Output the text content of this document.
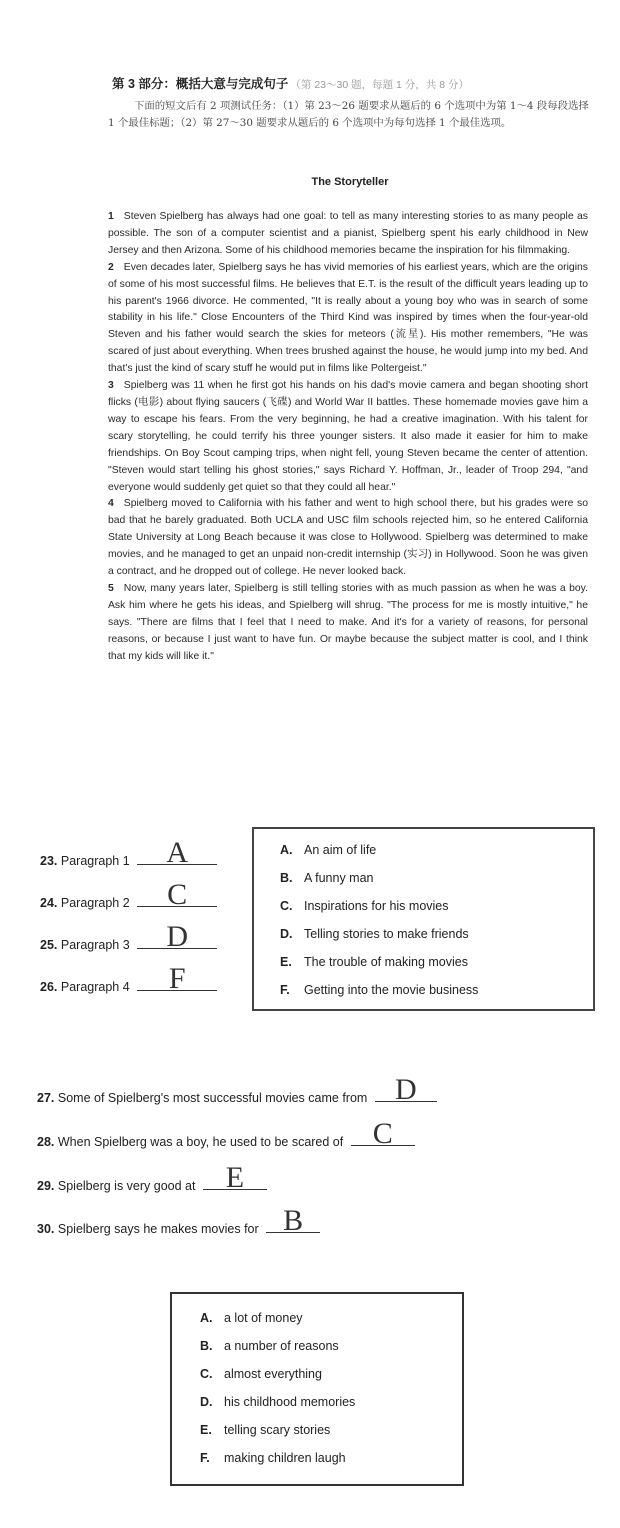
第 3 部分：概括大意与完成句子 （第 23～30 题，每题 1 分，共 8 分）
下面的短文后有 2 项测试任务：（1）第 23～26 题要求从题后的 6 个选项中为第 1～4 段每段选择 1 个最佳标题；（2）第 27～30 题要求从题后的 6 个选项中为每句选择 1 个最佳选项。
The Storyteller

1 Steven Spielberg has always had one goal: to tell as many interesting stories to as many people as possible. The son of a computer scientist and a pianist, Spielberg spent his early childhood in New Jersey and then Arizona. Some of his childhood memories became the inspiration for his filmmaking.

2 Even decades later, Spielberg says he has vivid memories of his earliest years, which are the origins of some of his most successful films. He believes that E.T. is the result of the difficult years leading up to his parent's 1966 divorce. He commented, "It is really about a young boy who was in search of some stability in his life." Close Encounters of the Third Kind was inspired by times when the four-year-old Steven and his father would search the skies for meteors (流星). His mother remembers, "He was scared of just about everything. When trees brushed against the house, he would jump into my bed. And that's just the kind of scary stuff he would put in films like Poltergeist."

3 Spielberg was 11 when he first got his hands on his dad's movie camera and began shooting short flicks (电影) about flying saucers (飞碟) and World War II battles. These homemade movies gave him a way to escape his fears. From the very beginning, he had a creative imagination. With his talent for scary storytelling, he could terrify his three younger sisters. It also made it easier for him to make friendships. On Boy Scout camping trips, when night fell, young Steven became the center of attention. "Steven would start telling his ghost stories," says Richard Y. Hoffman, Jr., leader of Troop 294, "and everyone would suddenly get quiet so that they could all hear."

4 Spielberg moved to California with his father and went to high school there, but his grades were so bad that he barely graduated. Both UCLA and USC film schools rejected him, so he entered California State University at Long Beach because it was close to Hollywood. Spielberg was determined to make movies, and he managed to get an unpaid non-credit internship (实习) in Hollywood. Soon he was given a contract, and he dropped out of college. He never looked back.

5 Now, many years later, Spielberg is still telling stories with as much passion as when he was a boy. Ask him where he gets his ideas, and Spielberg will shrug. "The process for me is mostly intuitive," he says. "There are films that I feel that I need to make. And it's for a variety of reasons, for personal reasons, or because I just want to have fun. Or maybe because the subject matter is cool, and I think that my kids will like it."

23. Paragraph 1	A
24. Paragraph 2	C
25. Paragraph 3	D
26. Paragraph 4	F
A. An aim of life
B. A funny man
C. Inspirations for his movies
D. Telling stories to make friends
E. The trouble of making movies
F. Getting into the movie business
27. Some of Spielberg's most successful movies came from D
28. When Spielberg was a boy, he used to be scared of C
29. Spielberg is very good at	E
30. Spielberg says he makes movies for B
A. a lot of money
B. a number of reasons
C. almost everything
D. his childhood memories
E. telling scary stories
F. making children laugh
